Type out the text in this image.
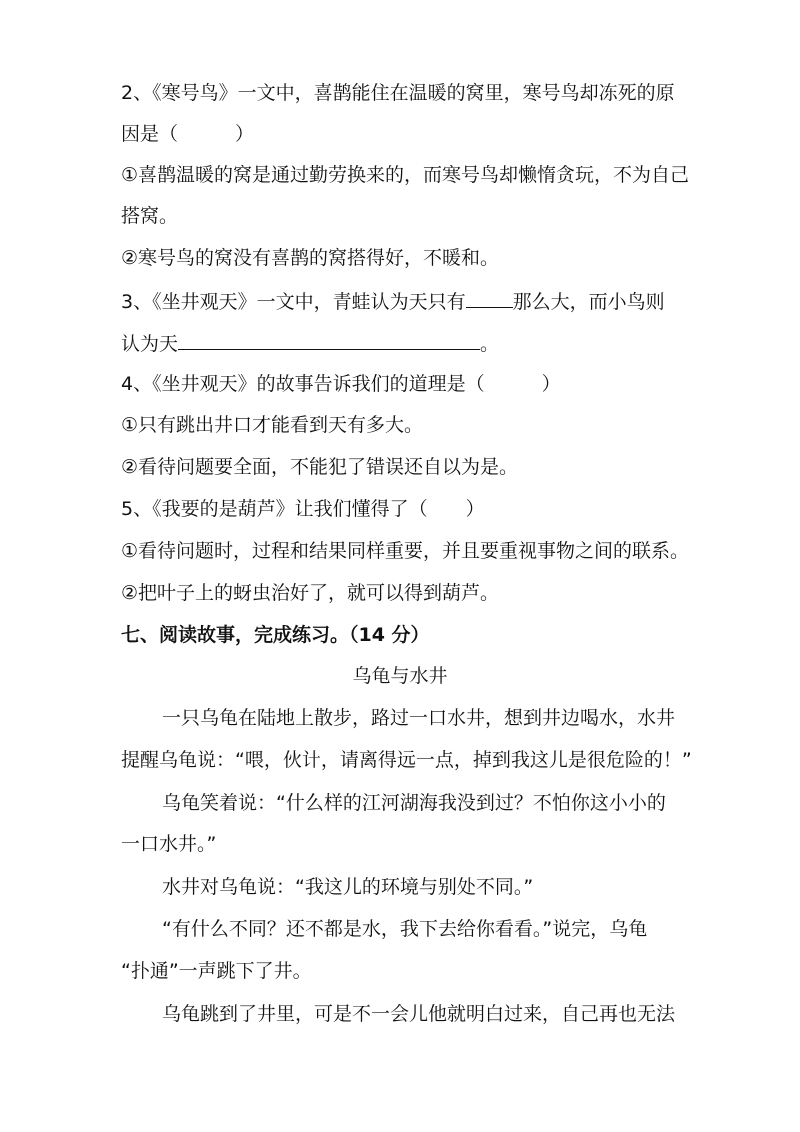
2、《寒号鸟》一文中，喜鹊能住在温暖的窝里，寒号鸟却冻死的原
因是（　　　）
①喜鹊温暖的窝是通过勤劳换来的，而寒号鸟却懒惰贪玩，不为自己
搭窝。
②寒号鸟的窝没有喜鹊的窝搭得好，不暖和。
3、《坐井观天》一文中，青蛙认为天只有 那么大，而小鸟则
认为天	。
4、《坐井观天》的故事告诉我们的道理是（　　　）
①只有跳出井口才能看到天有多大。
②看待问题要全面，不能犯了错误还自以为是。
5、《我要的是葫芦》让我们懂得了（　　）
①看待问题时，过程和结果同样重要，并且要重视事物之间的联系。
②把叶子上的蚜虫治好了，就可以得到葫芦。
七、阅读故事，完成练习。（14 分）
乌龟与水井
一只乌龟在陆地上散步，路过一口水井，想到井边喝水，水井
提醒乌龟说：“喂，伙计，请离得远一点，掉到我这儿是很危险的！”
乌龟笑着说：“什么样的江河湖海我没到过？不怕你这小小的
一口水井。”
水井对乌龟说：“我这儿的环境与别处不同。”
“有什么不同？还不都是水，我下去给你看看。”说完，乌龟
“扑通”一声跳下了井。
乌龟跳到了井里，可是不一会儿他就明白过来，自己再也无法
